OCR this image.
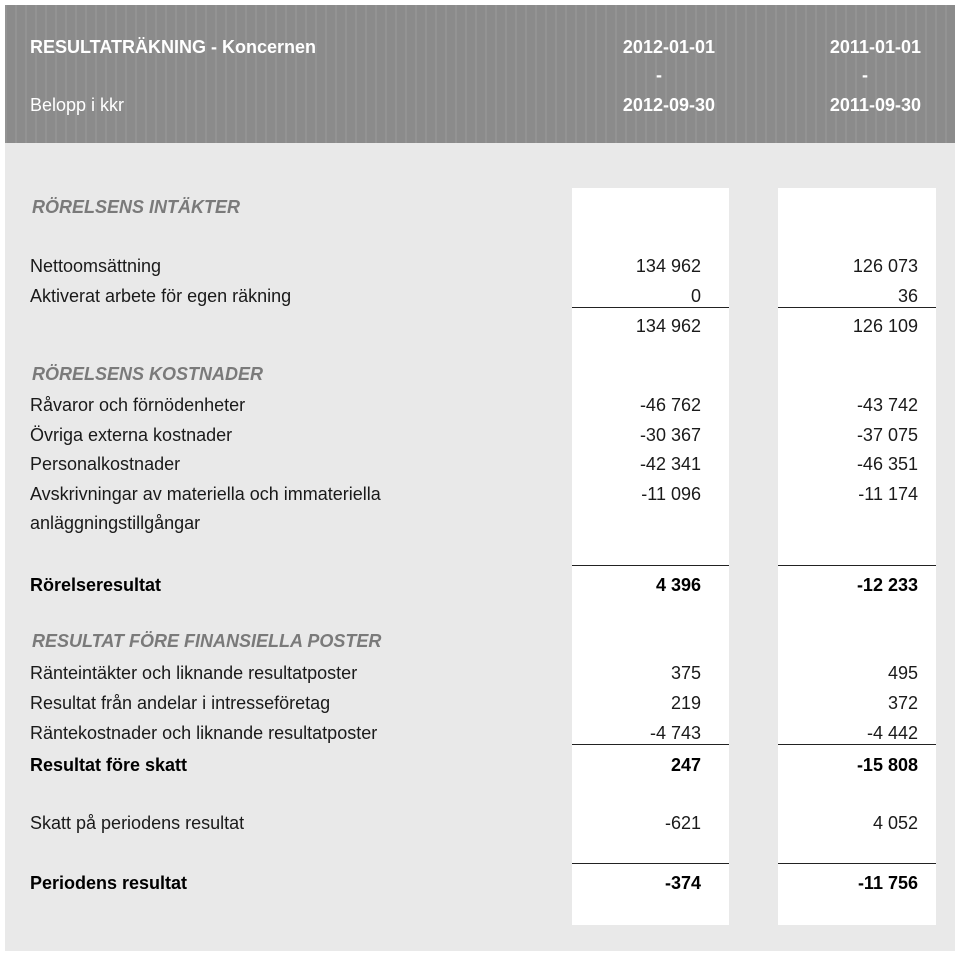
RESULTATRÄKNING - Koncernen
Belopp i kkr
2012-01-01
-
2012-09-30
2011-01-01
-
2011-09-30
RÖRELSENS INTÄKTER
Nettoomsättning	134 962	126 073
Aktiverat arbete för egen räkning	0	36
134 962	126 109
RÖRELSENS KOSTNADER
Råvaror och förnödenheter	-46 762	-43 742
Övriga externa kostnader	-30 367	-37 075
Personalkostnader	-42 341	-46 351
Avskrivningar av materiella och immateriella
anläggningstillgångar
-11 096	-11 174
Rörelseresultat	4 396	-12 233
RESULTAT FÖRE FINANSIELLA POSTER
Ränteintäkter och liknande resultatposter	375	495
Resultat från andelar i intresseföretag	219	372
Räntekostnader och liknande resultatposter	-4 743	-4 442
Resultat före skatt	247	-15 808
Skatt på periodens resultat	-621	4 052
Periodens resultat	-374	-11 756
